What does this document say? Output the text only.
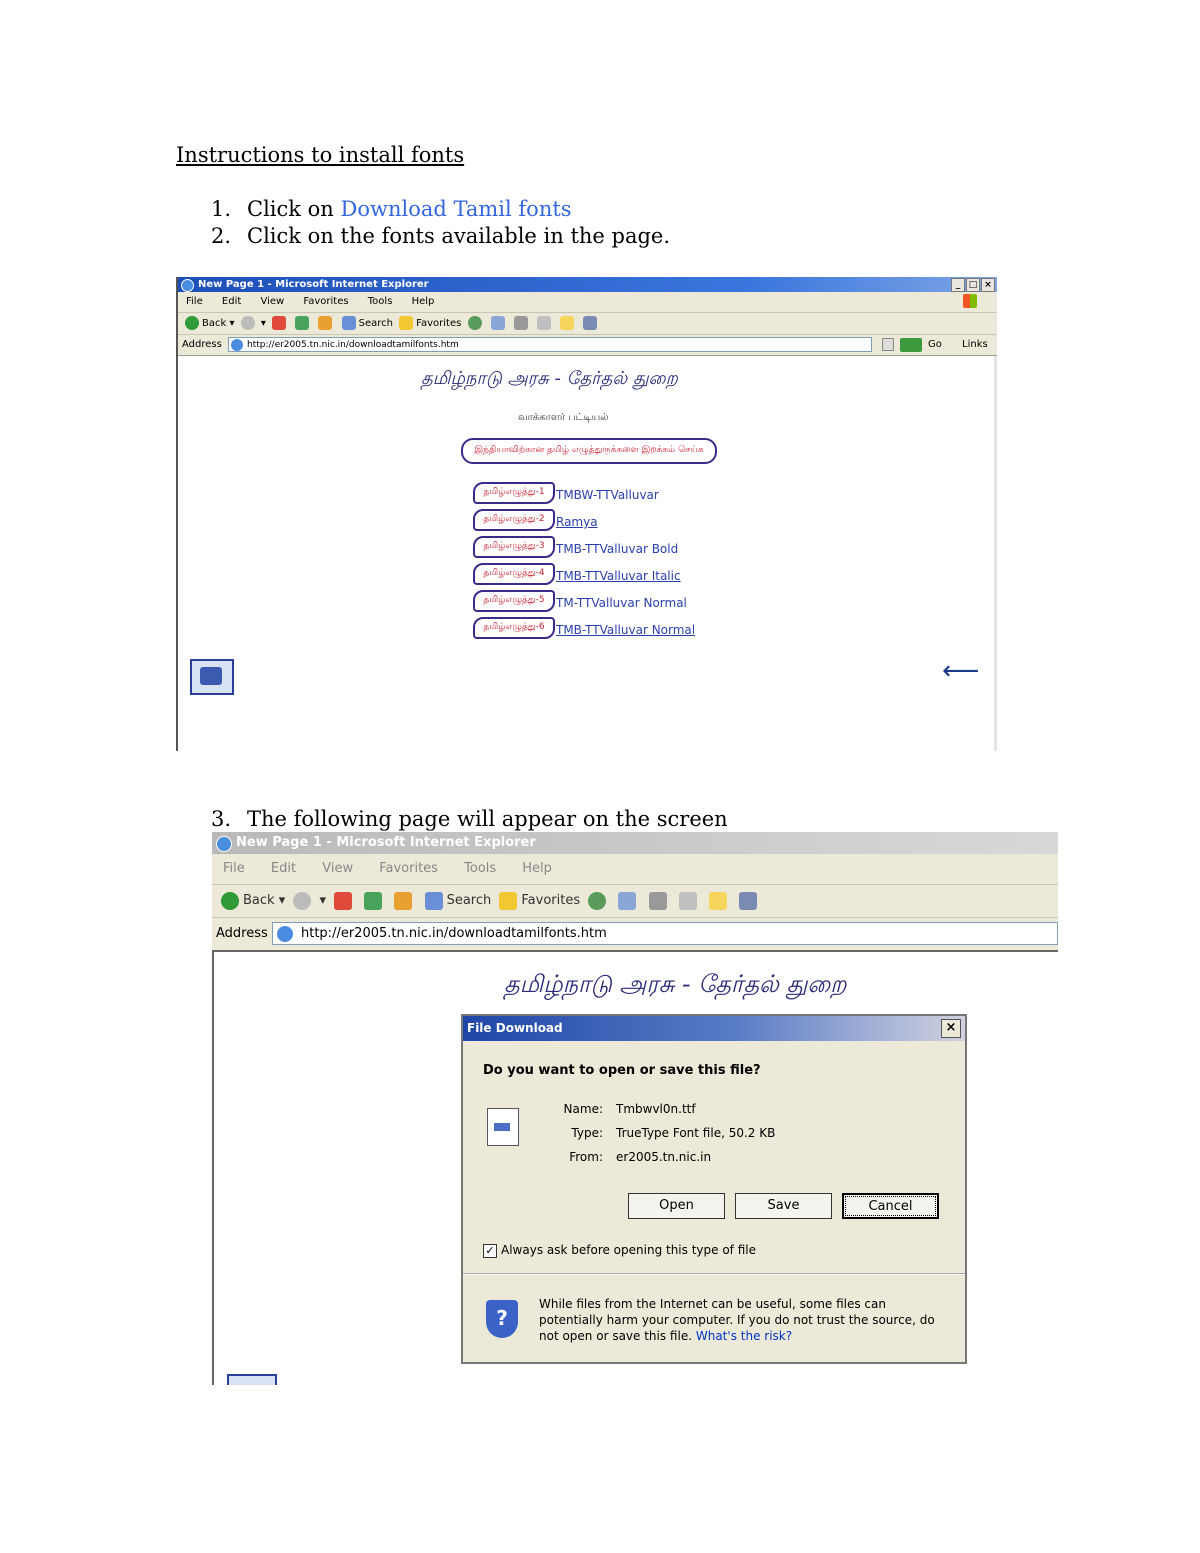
Instructions to install fonts
1. Click on Download Tamil fonts
2. Click on the fonts available in the page.
New Page 1 - Microsoft Internet Explorer	_ □ ×
File Edit View Favorites Tools Help
Back ▾  ▾	Search Favorites
Address	http://er2005.tn.nic.in/downloadtamilfonts.htm	Go Links
தமிழ்நாடு அரசு - தேர்தல் துறை
வாக்காளர் பட்டியல்
இந்தியாவிற்கான தமிழ் எழுத்துருக்களை இறக்கம் செய்க
தமிழ்எழுத்து-1 TMBW-TTValluvar
தமிழ்எழுத்து-2 Ramya
தமிழ்எழுத்து-3 TMB-TTValluvar Bold
தமிழ்எழுத்து-4 TMB-TTValluvar Italic
தமிழ்எழுத்து-5 TM-TTValluvar Normal
தமிழ்எழுத்து-6 TMB-TTValluvar Normal
⟵
3. The following page will appear on the screen
New Page 1 - Microsoft Internet Explorer
File Edit View Favorites Tools Help
Back ▾  ▾	Search Favorites
Address	http://er2005.tn.nic.in/downloadtamilfonts.htm
தமிழ்நாடு அரசு - தேர்தல் துறை
File Download	×
Do you want to open or save this file?
Name: Tmbwvl0n.ttf
Type: TrueType Font file, 50.2 KB
From: er2005.tn.nic.in
Open	Save	Cancel
✓ Always ask before opening this type of file
?
While files from the Internet can be useful, some files can potentially harm your computer. If you do not trust the source, do not open or save this file. What's the risk?
